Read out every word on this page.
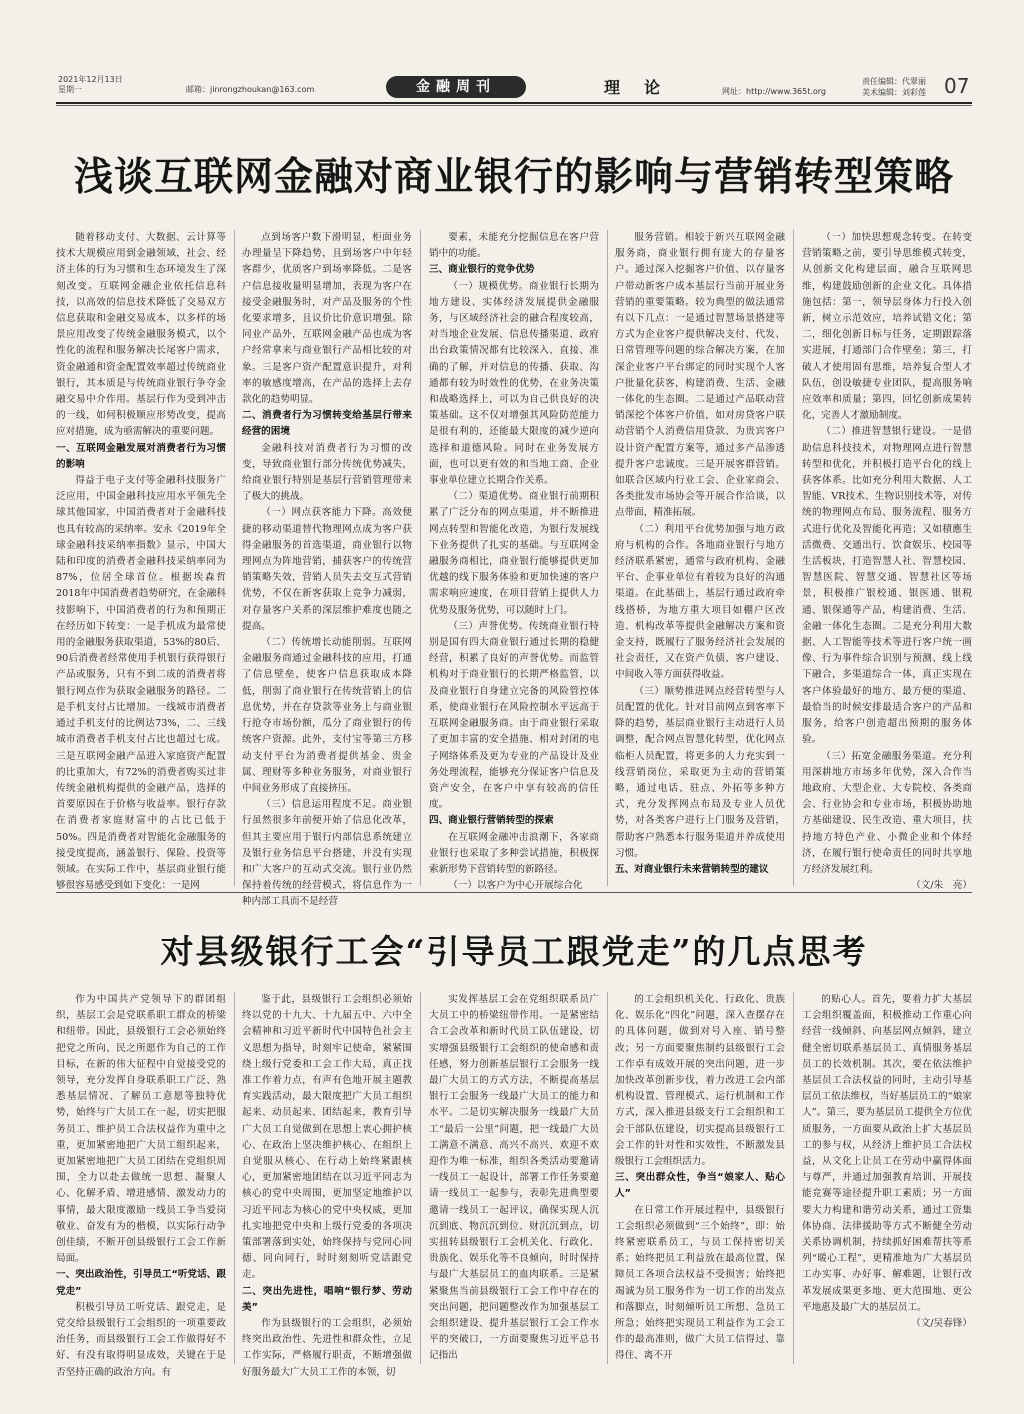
2021年12月13日
星期一	邮箱：jinrongzhoukan@163.com	金融周刊	理论	网址：http://www.365t.org
责任编辑：代翠丽
美术编辑：刘彩莲 07
浅谈互联网金融对商业银行的影响与营销转型策略

随着移动支付、大数据、云计算等技术大规模应用到金融领域，社会、经济主体的行为习惯和生态环境发生了深刻改变。互联网金融企业依托信息科技，以高效的信息技术降低了交易双方信息获取和金融交易成本，以多样的场景应用改变了传统金融服务模式，以个性化的流程和服务解决长尾客户需求，资金融通和资金配置效率超过传统商业银行，其本质是与传统商业银行争夺金融交易中介作用。基层行作为受到冲击的一线，如何积极顺应形势改变，提高应对措施，成为亟需解决的重要问题。

一、互联网金融发展对消费者行为习惯的影响

得益于电子支付等金融科技服务广泛应用，中国金融科技应用水平领先全球其他国家，中国消费者对于金融科技也具有较高的采纳率。安永《2019年全球金融科技采纳率指数》显示，中国大陆和印度的消费者金融科技采纳率同为87%，位居全球首位。根据埃森哲2018年中国消费者趋势研究，在金融科技影响下，中国消费者的行为和预期正在经历如下转变：一是手机成为最常使用的金融服务获取渠道，53%的80后、90后消费者经常使用手机银行获得银行产品或服务，只有不到二成的消费者将银行网点作为获取金融服务的路径。二是手机支付占比增加。一线城市消费者通过手机支付的比例达73%，二、三线城市消费者手机支付占比也超过七成。三是互联网金融产品进入家庭资产配置的比重加大，有72%的消费者购买过非传统金融机构提供的金融产品，选择的首要原因在于价格与收益率。银行存款在消费者家庭财富中的占比已低于50%。四是消费者对智能化金融服务的接受度提高，涵盖银行、保险、投资等领域。在实际工作中，基层商业银行能够很容易感受到如下变化：一是网

点到场客户数下滑明显，柜面业务办理量呈下降趋势，且到场客户中年轻客群少，优质客户到场率降低。二是客户信息接收量明显增加，表现为客户在接受金融服务时，对产品及服务的个性化要求增多，且议价比价意识增强。除同业产品外，互联网金融产品也成为客户经常拿来与商业银行产品相比较的对象。三是客户资产配置意识提升，对利率的敏感度增高，在产品的选择上去存款化的趋势明显。

二、消费者行为习惯转变给基层行带来经营的困境

金融科技对消费者行为习惯的改变，导致商业银行部分传统优势减失，给商业银行特别是基层行营销管理带来了极大的挑战。

（一）网点获客能力下降。高效便捷的移动渠道替代物理网点成为客户获得金融服务的首选渠道，商业银行以物理网点为阵地营销，捕获客户的传统营销策略失效，营销人员失去交互式营销优势，不仅在新客获取上竞争力减弱，对存量客户关系的深层维护难度也随之提高。

（二）传统增长动能削弱。互联网金融服务商通过金融科技的应用，打通了信息壁垒，使客户信息获取成本降低，削弱了商业银行在传统营销上的信息优势，并在存贷款等业务上与商业银行抢夺市场份额，瓜分了商业银行的传统客户资源。此外，支付宝等第三方移动支付平台为消费者提供基金、贵金属、理财等多种业务服务，对商业银行中间业务形成了直接挤压。

（三）信息运用程度不足。商业银行虽然很多年前便开始了信息化改革，但其主要应用于银行内部信息系统建立及银行业务信息平台搭建，并没有实现和广大客户的互动式交流。银行业仍然保持着传统的经营模式，将信息作为一种内部工具而不是经营

要素，未能充分挖掘信息在客户营销中的功能。

三、商业银行的竞争优势

（一）规模优势。商业银行长期为地方建设、实体经济发展提供金融服务，与区域经济社会的融合程度较高，对当地企业发展、信息传播渠道、政府出台政策情况都有比较深入、直接、准确的了解，并对信息的传播、获取、沟通都有较为时效性的优势，在业务决策和战略选择上，可以为自己供良好的决策基础。这不仅对增强其风险防范能力是很有利的，还能最大限度的减少逆向选择和道德风险。同时在业务发展方面，也可以更有效的和当地工商、企业事业单位建立长期合作关系。

（二）渠道优势。商业银行前期积累了广泛分布的网点渠道，并不断推进网点转型和智能化改造，为银行发展线下业务提供了扎实的基础。与互联网金融服务商相比，商业银行能够提供更加优越的线下服务体验和更加快速的客户需求响应速度，在项目营销上提供人力优势及服务优势，可以随时上门。

（三）声誉优势。传统商业银行特别是国有四大商业银行通过长期的稳健经营，积累了良好的声誉优势。而监管机构对于商业银行的长期严格监管，以及商业银行自身建立完备的风险管控体系，使商业银行在风险控制水平远高于互联网金融服务商。由于商业银行采取了更加丰富的安全措施、相对封闭的电子网络体系及更为专业的产品设计及业务处理流程，能够充分保证客户信息及资产安全，在客户中享有较高的信任度。

四、商业银行营销转型的探索

在互联网金融冲击浪潮下，各家商业银行也采取了多种尝试措施，积极探索新形势下营销转型的新路径。

（一）以客户为中心开展综合化

服务营销。相较于新兴互联网金融服务商，商业银行拥有庞大的存量客户。通过深入挖掘客户价值、以存量客户带动新客户成本基层行当前开展业务营销的重要策略。较为典型的做法通常有以下几点：一是通过智慧场景搭建等方式为企业客户提供解决支付、代发、日常管理等问题的综合解决方案，在加深企业客户平台绑定的同时实现个人客户批量化获客，构建消费、生活、金融一体化的生态圈。二是通过产品联动营销深挖个体客户价值，如对房贷客户联动营销个人消费信用贷款、为贵宾客户设计资产配置方案等，通过多产品渗透提升客户忠诚度。三是开展客群营销。如联合区域内行业工会、企业家商会、各类批发市场协会等开展合作洽谈，以点带面，精准拓展。

（二）利用平台优势加强与地方政府与机构的合作。各地商业银行与地方经济联系紧密，通常与政府机构、金融平台、企事业单位有着较为良好的沟通渠道。在此基础上，基层行通过政府牵线搭桥，为地方重大项目如棚户区改造、机构改革等提供金融解决方案和资金支持，既履行了服务经济社会发展的社会责任，又在资产负债、客户建设、中间收入等方面获得收益。

（三）顺势推进网点经营转型与人员配置的优化。针对目前网点到客率下降的趋势，基层商业银行主动进行人员调整，配合网点智慧化转型，优化网点临柜人员配置，将更多的人力充实到一线营销岗位，采取更为主动的营销策略，通过电话、驻点、外拓等多种方式，充分发挥网点布局及专业人员优势，对各类客户进行上门服务及营销，帮助客户熟悉本行服务渠道并养成使用习惯。

五、对商业银行未来营销转型的建议

（一）加快思想观念转变。在转变营销策略之前，要引导思维模式转变，从创新文化构建层面，融合互联网思维，构建鼓励创新的企业文化。具体措施包括：第一，领导层身体力行投入创新，树立示范效应，培养试错文化；第二，细化创新目标与任务，定期跟踪落实进展，打通部门合作壁垒；第三，打破人才使用固有思维，培养复合型人才队伍，创设敏捷专业团队，提高服务响应效率和质量；第四，回忆创新成果转化，完善人才激励制度。

（二）推进智慧银行建设。一是借助信息科技技术，对物理网点进行智慧转型和优化，并积极打造平台化的线上获客体系。比如充分利用大数据、人工智能、VR技术、生物识别技术等，对传统的物理网点布局、服务流程、服务方式进行优化及智能化再造；又如積應生活微费、交通出行、饮食娱乐、校园等生活板块，打造智慧人社、智慧校园、智慧医院、智慧交通、智慧社区等场景，积极推广银校通、银医通、银税通、银保通等产品，构建消费、生活、金融一体化生态圈。二是充分利用大数据、人工智能等技术等进行客户统一画像、行为事件综合识别与预测、线上线下融合，多渠道综合一体，真正实现在客户体验最好的地方、最方便的渠道、最恰当的时候安排最适合客户的产品和服务，给客户创造超出预期的服务体验。

（三）拓宽金融服务渠道。充分利用深耕地方市场多年优势，深入合作当地政府、大型企业、大专院校、各类商会、行业协会和专业市场，积极协助地方基础建设、民生改造、重大项目，扶持地方特色产业、小微企业和个体经济，在履行银行使命责任的同时共享地方经济发展红利。

（文/朱　亮）

对县级银行工会“引导员工跟党走”的几点思考

作为中国共产党领导下的群团组织，基层工会是党联系职工群众的桥梁和纽带。因此，县级银行工会必须始终把党之所向、民之所愿作为自己的工作目标，在新的伟大征程中自觉接受党的领导，充分发挥自身联系职工广泛、熟悉基层情况、了解员工意愿等独特优势，始终与广大员工在一起，切实把服务员工、维护员工合法权益作为重中之重，更加紧密地把广大员工组织起来，更加紧密地把广大员工团结在党组织周围，全力以赴去做统一思想、凝聚人心、化解矛盾、增进感情、激发动力的事情，最大限度激励一线员工争当爱岗敬业、奋发有为的楷模，以实际行动争创佳绩，不断开创县级银行工会工作新局面。

一、突出政治性，引导员工“听党话、跟党走”

积极引导员工听党话、跟党走，是党交给县级银行工会组织的一项重要政治任务，而县级银行工会工作做得好不好、有没有取得明显成效，关键在于是否坚持正确的政治方向。有

鉴于此，县级银行工会组织必须始终以党的十九大、十九届五中、六中全会精神和习近平新时代中国特色社会主义思想为指导，时刻牢记使命，紧紧围绕上级行党委和工会工作大局，真正找准工作着力点，有声有色地开展主题教育实践活动，最大限度把广大员工组织起来、动员起来、团结起来，教育引导广大员工自觉做到在思想上衷心拥护核心、在政治上坚决维护核心、在组织上自觉服从核心、在行动上始终紧跟核心，更加紧密地团结在以习近平同志为核心的党中央周围，更加坚定地维护以习近平同志为核心的党中央权威，更加扎实地把党中央和上级行党委的各项决策部署落到实处，始终保持与党同心同德、同向同行，时时刻刻听党话跟党走。

二、突出先进性，唱响“银行梦、劳动美”

作为县级银行的工会组织，必须始终突出政治性、先进性和群众性，立足工作实际，严格履行职责，不断增强做好服务最大广大员工工作的本领，切

实发挥基层工会在党组织联系员广大员工中的桥梁纽带作用。一是紧密结合工会改革和新时代员工队伍建设，切实增强县级银行工会组织的使命感和责任感，努力创新基层银行工会服务一线最广大员工的方式方法，不断提高基层银行工会服务一线最广大员工的能力和水平。二是切实解决服务一线最广大员工“最后一公里”问题，把一线最广大员工满意不满意、高兴不高兴、欢迎不欢迎作为唯一标准，组织各类活动要邀请一线员工一起设计，部署工作任务要邀请一线员工一起参与，表彰先进典型要邀请一线员工一起评议，确保实现人沉沉到底、物沉沉到位、财沉沉到点，切实扭转县级银行工会机关化、行政化、贵族化、娱乐化等不良倾向，时时保持与最广大基层员工的血肉联系。三是紧紧聚焦当前县级银行工会工作中存在的突出问题，把问题整改作为加强基层工会组织建设、提升基层银行工会工作水平的突破口，一方面要聚焦习近平总书记指出

的工会组织机关化、行政化、贵族化、娱乐化“四化”问题，深入查摆存在的具体问题，做到对号入座、销号整改；另一方面要聚焦制约县级银行工会工作卓有成效开展的突出问题，进一步加快改革创新步伐，着力改进工会内部机构设置、管理模式、运行机制和工作方式，深入推进县级支行工会组织和工会干部队伍建设，切实提高县级银行工会工作的针对性和实效性，不断激发县级银行工会组织活力。

三、突出群众性，争当“娘家人、贴心人”

在日常工作开展过程中，县级银行工会组织必须做到“三个始终”，即：始终紧密联系员工，与员工保持密切关系；始终把员工利益放在最高位置，保障员工各项合法权益不受损害；始终把竭诚为员工服务作为一切工作的出发点和落脚点，时刻倾听员工所想、急员工所急；始终把实现员工利益作为工会工作的最高准则，做广大员工信得过、靠得住、离不开

的贴心人。首先，要着力扩大基层工会组织覆盖面，积极推动工作重心向经营一线倾斜、向基层网点倾斜，建立健全密切联系基层员工、真情服务基层员工的长效机制。其次，要在依法维护基层员工合法权益的同时，主动引导基层员工依法维权，当好基层员工的“娘家人”。第三，要为基层员工提供全方位优质服务，一方面要从政治上扩大基层员工的参与权，从经济上维护员工合法权益，从文化上让员工在劳动中赢得体面与尊严，并通过加强教育培训、开展技能竞赛等途径提升职工素质；另一方面要大力构建和谐劳动关系，通过工资集体协商、法律援助等方式不断健全劳动关系协调机制，持续抓好困难帮扶等系列“暖心工程”，更精准地为广大基层员工办实事、办好事、解难题，让银行改革发展成果更多地、更大范围地、更公平地惠及最广大的基层员工。

（文/吴春锋）
